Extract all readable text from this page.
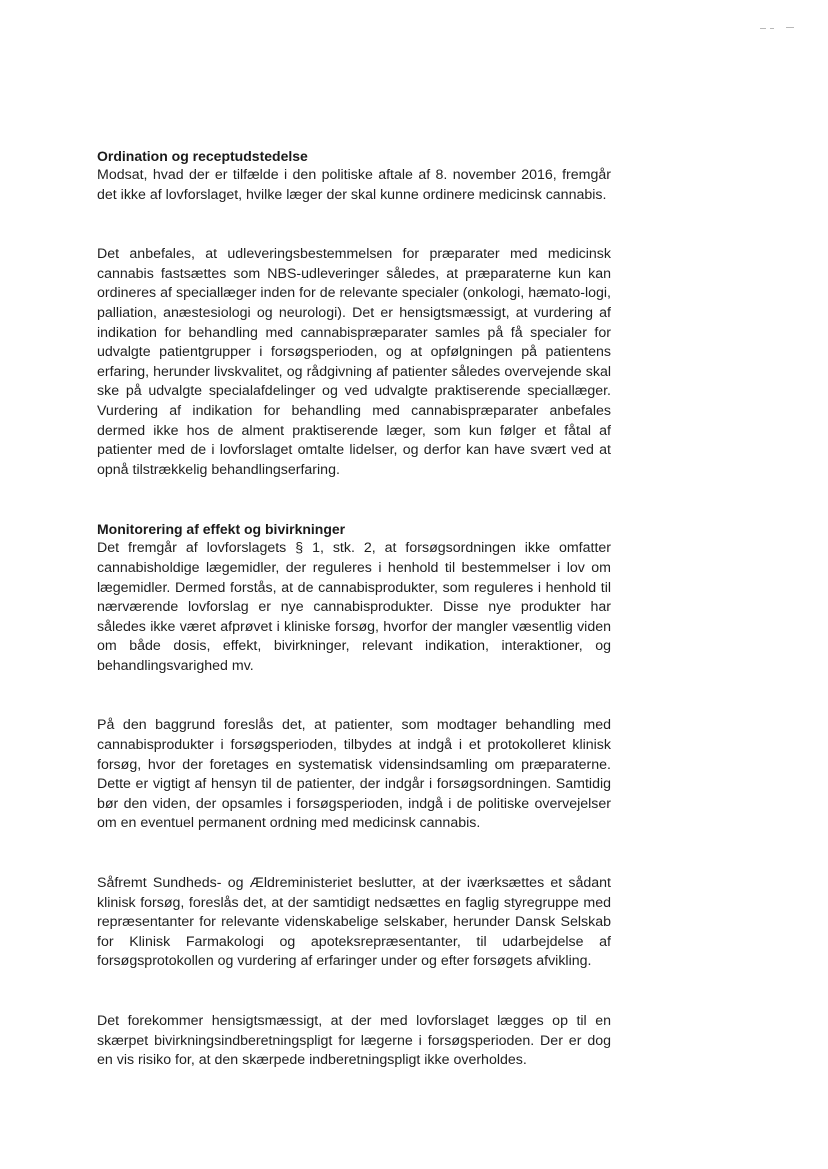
Ordination og receptudstedelse

Modsat, hvad der er tilfælde i den politiske aftale af 8. november 2016, fremgår det ikke af lovforslaget, hvilke læger der skal kunne ordinere medicinsk cannabis.

Det anbefales, at udleveringsbestemmelsen for præparater med medicinsk cannabis fastsættes som NBS-udleveringer således, at præparaterne kun kan ordineres af speciallæger inden for de relevante specialer (onkologi, hæmato-logi, palliation, anæstesiologi og neurologi). Det er hensigtsmæssigt, at vurdering af indikation for behandling med cannabispræparater samles på få specialer for udvalgte patientgrupper i forsøgsperioden, og at opfølgningen på patientens erfaring, herunder livskvalitet, og rådgivning af patienter således overvejende skal ske på udvalgte specialafdelinger og ved udvalgte praktiserende speciallæger. Vurdering af indikation for behandling med cannabispræparater anbefales dermed ikke hos de alment praktiserende læger, som kun følger et fåtal af patienter med de i lovforslaget omtalte lidelser, og derfor kan have svært ved at opnå tilstrækkelig behandlingserfaring.

Monitorering af effekt og bivirkninger

Det fremgår af lovforslagets § 1, stk. 2, at forsøgsordningen ikke omfatter cannabisholdige lægemidler, der reguleres i henhold til bestemmelser i lov om lægemidler. Dermed forstås, at de cannabisprodukter, som reguleres i henhold til nærværende lovforslag er nye cannabisprodukter. Disse nye produkter har således ikke været afprøvet i kliniske forsøg, hvorfor der mangler væsentlig viden om både dosis, effekt, bivirkninger, relevant indikation, interaktioner, og behandlingsvarighed mv.

På den baggrund foreslås det, at patienter, som modtager behandling med cannabisprodukter i forsøgsperioden, tilbydes at indgå i et protokolleret klinisk forsøg, hvor der foretages en systematisk vidensindsamling om præparaterne. Dette er vigtigt af hensyn til de patienter, der indgår i forsøgsordningen. Samtidig bør den viden, der opsamles i forsøgsperioden, indgå i de politiske overvejelser om en eventuel permanent ordning med medicinsk cannabis.

Såfremt Sundheds- og Ældreministeriet beslutter, at der iværksættes et sådant klinisk forsøg, foreslås det, at der samtidigt nedsættes en faglig styregruppe med repræsentanter for relevante videnskabelige selskaber, herunder Dansk Selskab for Klinisk Farmakologi og apoteksrepræsentanter, til udarbejdelse af forsøgsprotokollen og vurdering af erfaringer under og efter forsøgets afvikling.

Det forekommer hensigtsmæssigt, at der med lovforslaget lægges op til en skærpet bivirkningsindberetningspligt for lægerne i forsøgsperioden. Der er dog en vis risiko for, at den skærpede indberetningspligt ikke overholdes.
